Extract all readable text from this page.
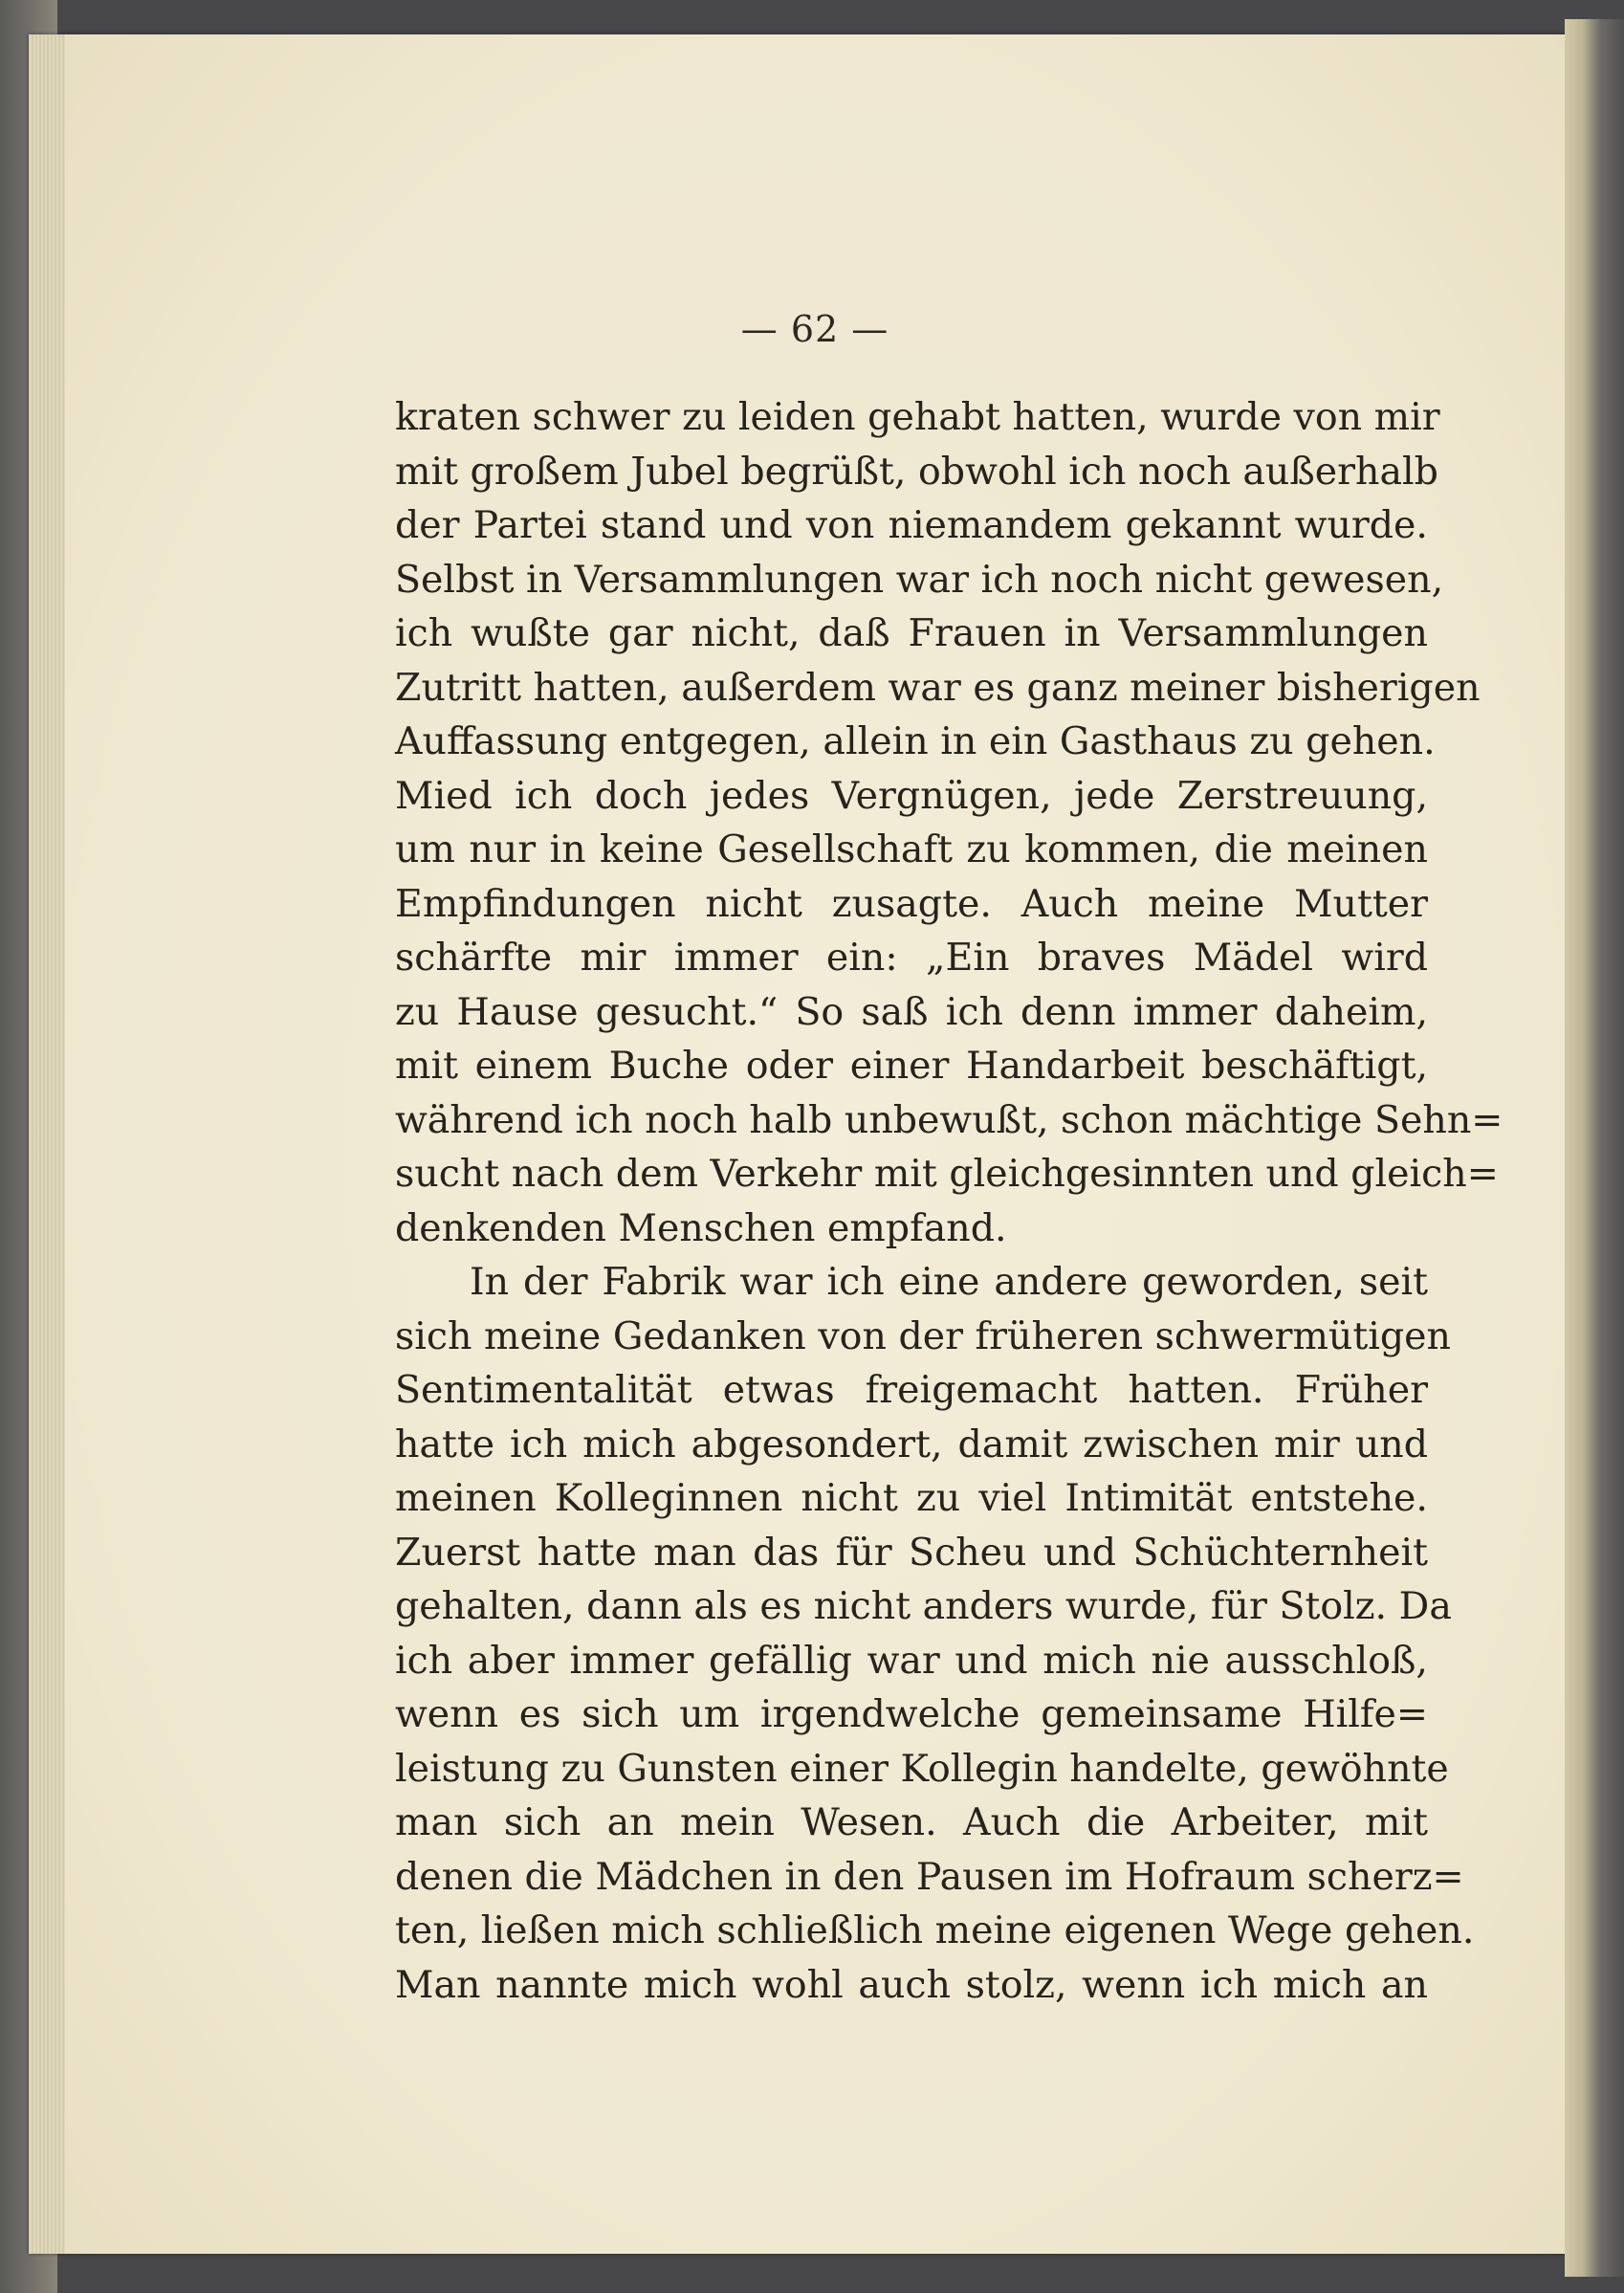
— 62 —
kraten schwer zu leiden gehabt hatten, wurde von mir
mit großem Jubel begrüßt, obwohl ich noch außerhalb
der Partei stand und von niemandem gekannt wurde.
Selbst in Versammlungen war ich noch nicht gewesen,
ich wußte gar nicht, daß Frauen in Versammlungen
Zutritt hatten, außerdem war es ganz meiner bisherigen
Auffassung entgegen, allein in ein Gasthaus zu gehen.
Mied ich doch jedes Vergnügen, jede Zerstreuung,
um nur in keine Gesellschaft zu kommen, die meinen
Empfindungen nicht zusagte. Auch meine Mutter
schärfte mir immer ein: „Ein braves Mädel wird
zu Hause gesucht.“ So saß ich denn immer daheim,
mit einem Buche oder einer Handarbeit beschäftigt,
während ich noch halb unbewußt, schon mächtige Sehn=
sucht nach dem Verkehr mit gleichgesinnten und gleich=
denkenden Menschen empfand.
In der Fabrik war ich eine andere geworden, seit
sich meine Gedanken von der früheren schwermütigen
Sentimentalität etwas freigemacht hatten. Früher
hatte ich mich abgesondert, damit zwischen mir und
meinen Kolleginnen nicht zu viel Intimität entstehe.
Zuerst hatte man das für Scheu und Schüchternheit
gehalten, dann als es nicht anders wurde, für Stolz. Da
ich aber immer gefällig war und mich nie ausschloß,
wenn es sich um irgendwelche gemeinsame Hilfe=
leistung zu Gunsten einer Kollegin handelte, gewöhnte
man sich an mein Wesen. Auch die Arbeiter, mit
denen die Mädchen in den Pausen im Hofraum scherz=
ten, ließen mich schließlich meine eigenen Wege gehen.
Man nannte mich wohl auch stolz, wenn ich mich an
